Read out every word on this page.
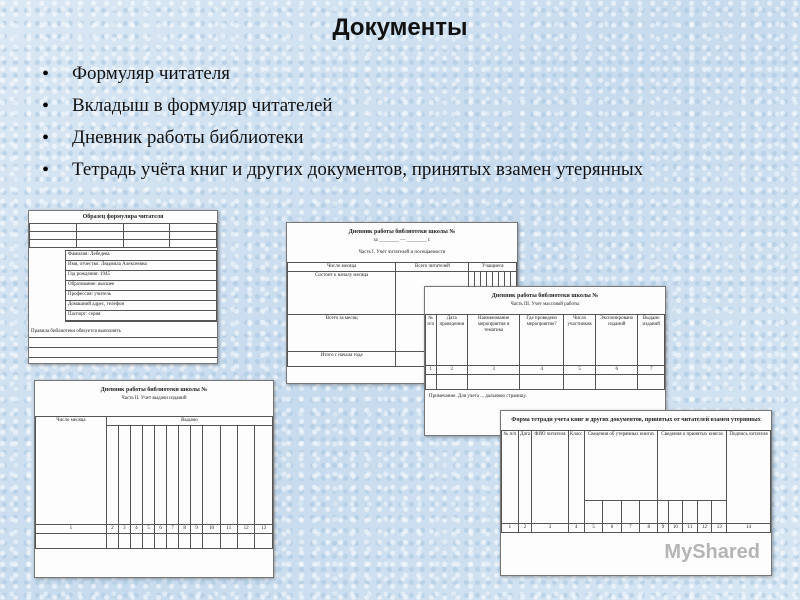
Документы
• Формуляр читателя
• Вкладыш в формуляр читателей
• Дневник работы библиотеки
• Тетрадь учёта книг и других документов, принятых взамен утерянных
Образец формуляра читателя

Фамилия: Лебедева
Имя, отчество: Людмила Алексеевна
Год рождения: 1945
Образование: высшее
Профессия: учитель
Домашний адрес, телефон
Паспорт: серия
Правила библиотеки обязуется выполнять
Дневник работы библиотеки школы №
за ________ — ________ г.
Часть I. Учет читателей и посещаемости
Число месяца	Всего читателей	Учащиеся							
Состоит к началу месяца									
Всего за месяц									
Итого с начала года									
Дневник работы библиотеки школы №
Часть III. Учет массовой работы
№ п/п	Дата проведения	Наименование мероприятия и тематика	Где проведено мероприятие?	Число участников	Экспонировано изданий	Выдано изданий
1	2	3	4	5	6	7

Примечание. Для учета ... дальнюю страницу.
Дневник работы библиотеки школы №
Часть II. Учет выдачи изданий
Число месяца	Выдано											

1	2	3	4	5	6	7	8	9	10	11	12	13

Форма тетради учета книг и других документов, принятых от читателей взамен утерянных
№ п/п	Дата	ФИО читателя	Класс	Сведения об утерянных книгах				Сведения о принятых книгах					Подпись читателя

1	2	3	4	5	6	7	8	9	10	11	12	13	14
MyShared
